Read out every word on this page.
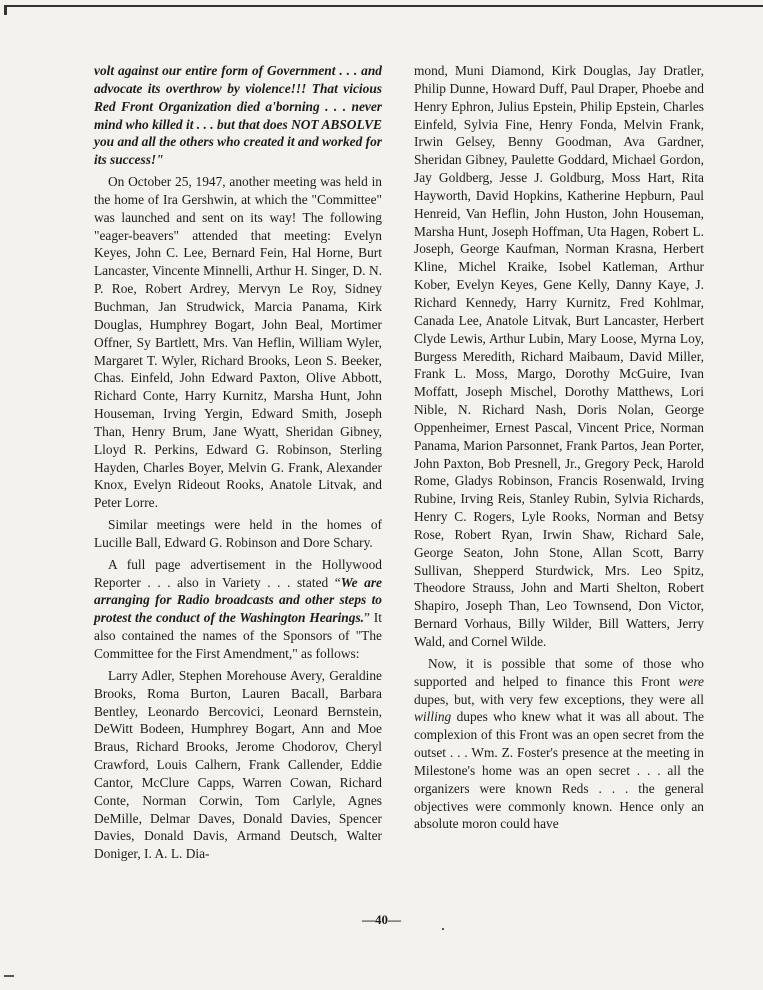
volt against our entire form of Government . . . and advocate its overthrow by violence!!! That vicious Red Front Organization died a'borning . . . never mind who killed it . . . but that does NOT ABSOLVE you and all the others who created it and worked for its success!"

On October 25, 1947, another meeting was held in the home of Ira Gershwin, at which the "Committee" was launched and sent on its way! The following "eager-beavers" attended that meeting: Evelyn Keyes, John C. Lee, Bernard Fein, Hal Horne, Burt Lancaster, Vincente Minnelli, Arthur H. Singer, D. N. P. Roe, Robert Ardrey, Mervyn Le Roy, Sidney Buchman, Jan Strudwick, Marcia Panama, Kirk Douglas, Humphrey Bogart, John Beal, Mortimer Offner, Sy Bartlett, Mrs. Van Heflin, William Wyler, Margaret T. Wyler, Richard Brooks, Leon S. Beeker, Chas. Einfeld, John Edward Paxton, Olive Abbott, Richard Conte, Harry Kurnitz, Marsha Hunt, John Houseman, Irving Yergin, Edward Smith, Joseph Than, Henry Brum, Jane Wyatt, Sheridan Gibney, Lloyd R. Perkins, Edward G. Robinson, Sterling Hayden, Charles Boyer, Melvin G. Frank, Alexander Knox, Evelyn Rideout Rooks, Anatole Litvak, and Peter Lorre.

Similar meetings were held in the homes of Lucille Ball, Edward G. Robinson and Dore Schary.

A full page advertisement in the Hollywood Reporter . . . also in Variety . . . stated “We are arranging for Radio broadcasts and other steps to protest the conduct of the Washington Hearings.” It also contained the names of the Sponsors of "The Committee for the First Amendment," as follows:

Larry Adler, Stephen Morehouse Avery, Geraldine Brooks, Roma Burton, Lauren Bacall, Barbara Bentley, Leonardo Bercovici, Leonard Bernstein, DeWitt Bodeen, Humphrey Bogart, Ann and Moe Braus, Richard Brooks, Jerome Chodorov, Cheryl Crawford, Louis Calhern, Frank Callender, Eddie Cantor, McClure Capps, Warren Cowan, Richard Conte, Norman Corwin, Tom Carlyle, Agnes DeMille, Delmar Daves, Donald Davies, Spencer Davies, Donald Davis, Armand Deutsch, Walter Doniger, I. A. L. Dia-

mond, Muni Diamond, Kirk Douglas, Jay Dratler, Philip Dunne, Howard Duff, Paul Draper, Phoebe and Henry Ephron, Julius Epstein, Philip Epstein, Charles Einfeld, Sylvia Fine, Henry Fonda, Melvin Frank, Irwin Gelsey, Benny Goodman, Ava Gardner, Sheridan Gibney, Paulette Goddard, Michael Gordon, Jay Goldberg, Jesse J. Goldburg, Moss Hart, Rita Hayworth, David Hopkins, Katherine Hepburn, Paul Henreid, Van Heflin, John Huston, John Houseman, Marsha Hunt, Joseph Hoffman, Uta Hagen, Robert L. Joseph, George Kaufman, Norman Krasna, Herbert Kline, Michel Kraike, Isobel Katleman, Arthur Kober, Evelyn Keyes, Gene Kelly, Danny Kaye, J. Richard Kennedy, Harry Kurnitz, Fred Kohlmar, Canada Lee, Anatole Litvak, Burt Lancaster, Herbert Clyde Lewis, Arthur Lubin, Mary Loose, Myrna Loy, Burgess Meredith, Richard Maibaum, David Miller, Frank L. Moss, Margo, Dorothy McGuire, Ivan Moffatt, Joseph Mischel, Dorothy Matthews, Lori Nible, N. Richard Nash, Doris Nolan, George Oppenheimer, Ernest Pascal, Vincent Price, Norman Panama, Marion Parsonnet, Frank Partos, Jean Porter, John Paxton, Bob Presnell, Jr., Gregory Peck, Harold Rome, Gladys Robinson, Francis Rosenwald, Irving Rubine, Irving Reis, Stanley Rubin, Sylvia Richards, Henry C. Rogers, Lyle Rooks, Norman and Betsy Rose, Robert Ryan, Irwin Shaw, Richard Sale, George Seaton, John Stone, Allan Scott, Barry Sullivan, Shepperd Sturdwick, Mrs. Leo Spitz, Theodore Strauss, John and Marti Shelton, Robert Shapiro, Joseph Than, Leo Townsend, Don Victor, Bernard Vorhaus, Billy Wilder, Bill Watters, Jerry Wald, and Cornel Wilde.

Now, it is possible that some of those who supported and helped to finance this Front were dupes, but, with very few exceptions, they were all willing dupes who knew what it was all about. The complexion of this Front was an open secret from the outset . . . Wm. Z. Foster's presence at the meeting in Milestone's home was an open secret . . . all the organizers were known Reds . . . the general objectives were commonly known. Hence only an absolute moron could have

—40—
